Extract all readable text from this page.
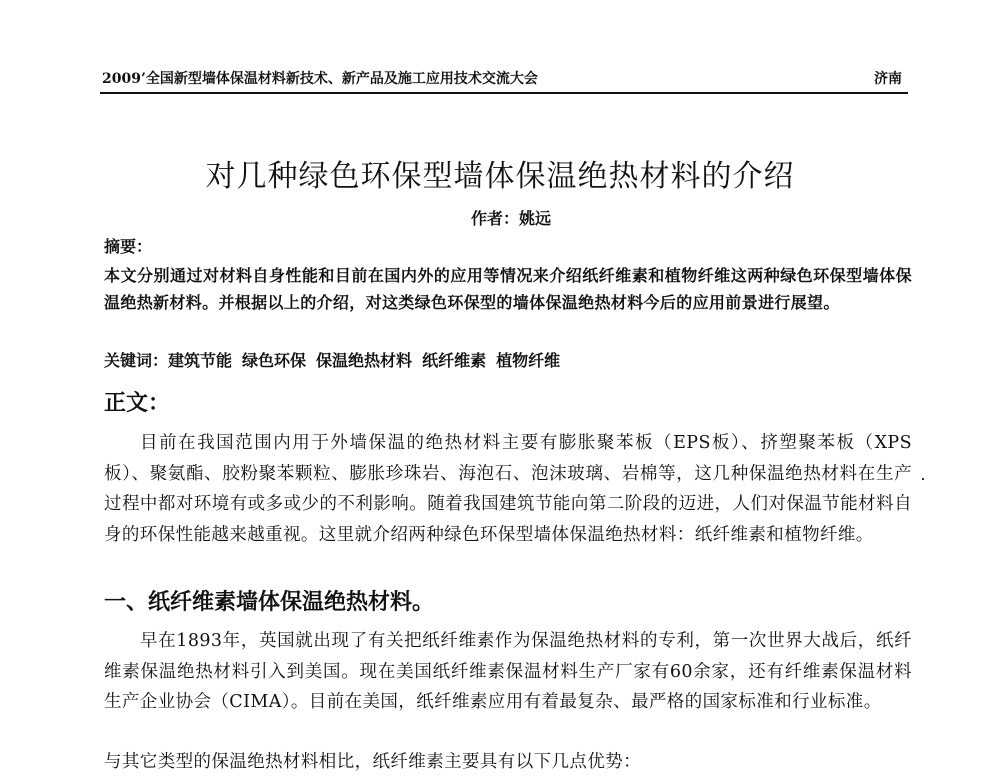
2009’全国新型墙体保温材料新技术、新产品及施工应用技术交流大会	济南
对几种绿色环保型墙体保温绝热材料的介绍
作者：姚远
摘要：
本文分别通过对材料自身性能和目前在国内外的应用等情况来介绍纸纤维素和植物纤维这两种绿色环保型墙体保温绝热新材料。并根据以上的介绍，对这类绿色环保型的墙体保温绝热材料今后的应用前景进行展望。
关键词：建筑节能 绿色环保 保温绝热材料 纸纤维素 植物纤维
正文：
目前在我国范围内用于外墙保温的绝热材料主要有膨胀聚苯板（EPS板）、挤塑聚苯板（XPS板）、聚氨酯、胶粉聚苯颗粒、膨胀珍珠岩、海泡石、泡沫玻璃、岩棉等，这几种保温绝热材料在生产过程中都对环境有或多或少的不利影响。随着我国建筑节能向第二阶段的迈进，人们对保温节能材料自身的环保性能越来越重视。这里就介绍两种绿色环保型墙体保温绝热材料：纸纤维素和植物纤维。
一、纸纤维素墙体保温绝热材料。
早在1893年，英国就出现了有关把纸纤维素作为保温绝热材料的专利，第一次世界大战后，纸纤维素保温绝热材料引入到美国。现在美国纸纤维素保温材料生产厂家有60余家，还有纤维素保温材料生产企业协会（CIMA）。目前在美国，纸纤维素应用有着最复杂、最严格的国家标准和行业标准。
与其它类型的保温绝热材料相比，纸纤维素主要具有以下几点优势：
